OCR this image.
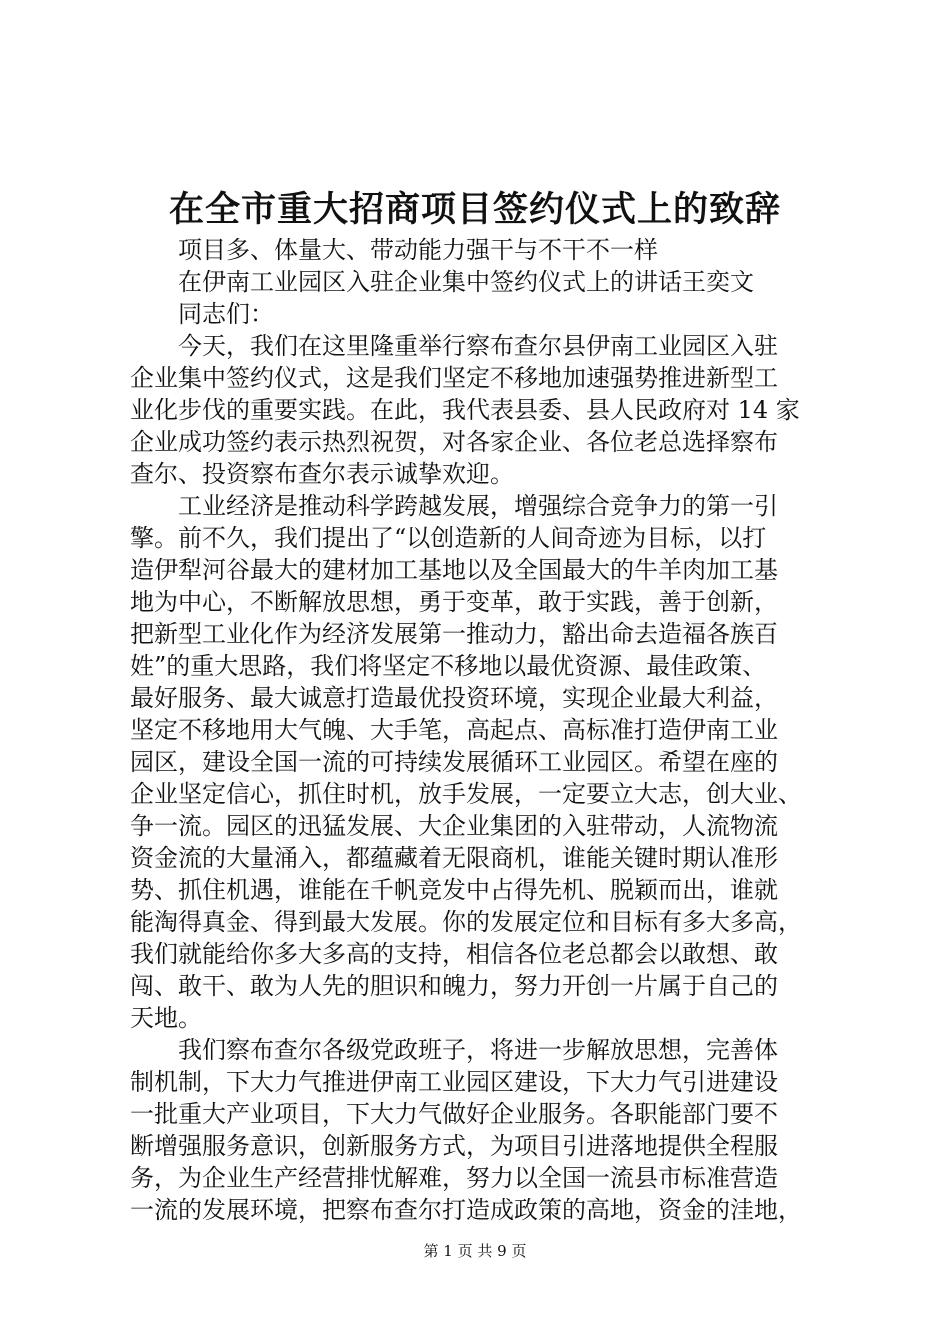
在全市重大招商项目签约仪式上的致辞

项目多、体量大、带动能力强干与不干不一样

在伊南工业园区入驻企业集中签约仪式上的讲话王奕文

同志们：

今天，我们在这里隆重举行察布查尔县伊南工业园区入驻

企业集中签约仪式，这是我们坚定不移地加速强势推进新型工

业化步伐的重要实践。在此，我代表县委、县人民政府对 14 家

企业成功签约表示热烈祝贺，对各家企业、各位老总选择察布

查尔、投资察布查尔表示诚挚欢迎。

工业经济是推动科学跨越发展，增强综合竞争力的第一引

擎。前不久，我们提出了“以创造新的人间奇迹为目标，以打

造伊犁河谷最大的建材加工基地以及全国最大的牛羊肉加工基

地为中心，不断解放思想，勇于变革，敢于实践，善于创新，

把新型工业化作为经济发展第一推动力，豁出命去造福各族百

姓”的重大思路，我们将坚定不移地以最优资源、最佳政策、

最好服务、最大诚意打造最优投资环境，实现企业最大利益，

坚定不移地用大气魄、大手笔，高起点、高标准打造伊南工业

园区，建设全国一流的可持续发展循环工业园区。希望在座的

企业坚定信心，抓住时机，放手发展，一定要立大志，创大业、

争一流。园区的迅猛发展、大企业集团的入驻带动，人流物流

资金流的大量涌入，都蕴藏着无限商机，谁能关键时期认准形

势、抓住机遇，谁能在千帆竞发中占得先机、脱颖而出，谁就

能淘得真金、得到最大发展。你的发展定位和目标有多大多高，

我们就能给你多大多高的支持，相信各位老总都会以敢想、敢

闯、敢干、敢为人先的胆识和魄力，努力开创一片属于自己的

天地。

我们察布查尔各级党政班子，将进一步解放思想，完善体

制机制，下大力气推进伊南工业园区建设，下大力气引进建设

一批重大产业项目，下大力气做好企业服务。各职能部门要不

断增强服务意识，创新服务方式，为项目引进落地提供全程服

务，为企业生产经营排忧解难，努力以全国一流县市标准营造

一流的发展环境，把察布查尔打造成政策的高地，资金的洼地，

第 1 页 共 9 页
